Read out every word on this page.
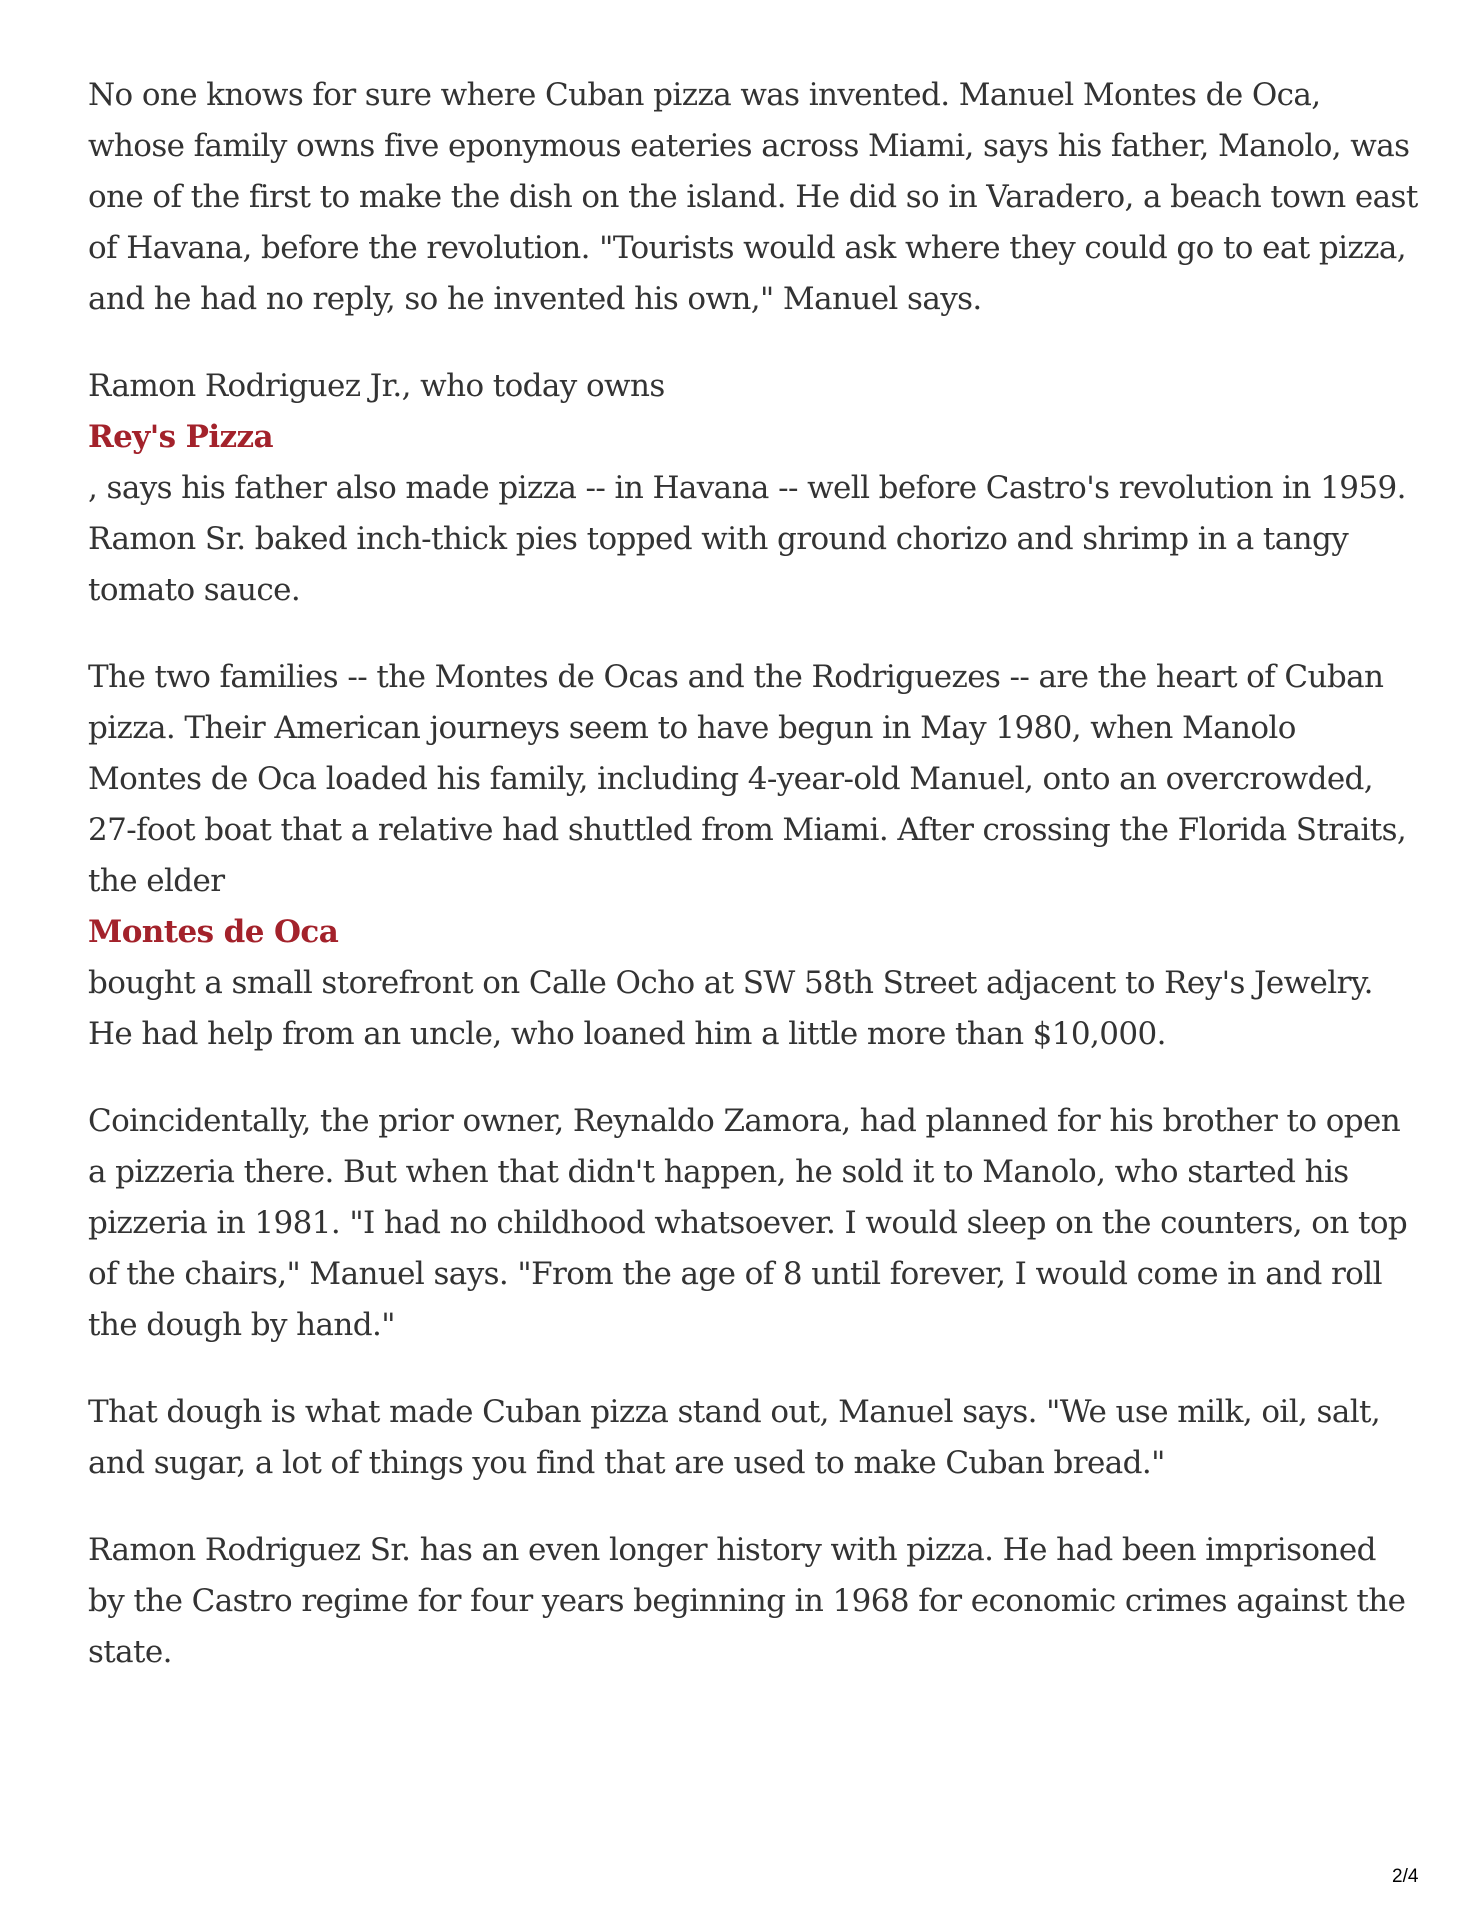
No one knows for sure where Cuban pizza was invented. Manuel Montes de Oca, whose family owns five eponymous eateries across Miami, says his father, Manolo, was one of the first to make the dish on the island. He did so in Varadero, a beach town east of Havana, before the revolution. "Tourists would ask where they could go to eat pizza, and he had no reply, so he invented his own," Manuel says.

Ramon Rodriguez Jr., who today owns
Rey's Pizza
, says his father also made pizza -- in Havana -- well before Castro's revolution in 1959. Ramon Sr. baked inch-thick pies topped with ground chorizo and shrimp in a tangy tomato sauce.

The two families -- the Montes de Ocas and the Rodriguezes -- are the heart of Cuban pizza. Their American journeys seem to have begun in May 1980, when Manolo Montes de Oca loaded his family, including 4-year-old Manuel, onto an overcrowded, 27-foot boat that a relative had shuttled from Miami. After crossing the Florida Straits, the elder
Montes de Oca
bought a small storefront on Calle Ocho at SW 58th Street adjacent to Rey's Jewelry. He had help from an uncle, who loaned him a little more than $10,000.

Coincidentally, the prior owner, Reynaldo Zamora, had planned for his brother to open a pizzeria there. But when that didn't happen, he sold it to Manolo, who started his pizzeria in 1981. "I had no childhood whatsoever. I would sleep on the counters, on top of the chairs," Manuel says. "From the age of 8 until forever, I would come in and roll the dough by hand."

That dough is what made Cuban pizza stand out, Manuel says. "We use milk, oil, salt, and sugar, a lot of things you find that are used to make Cuban bread."

Ramon Rodriguez Sr. has an even longer history with pizza. He had been imprisoned by the Castro regime for four years beginning in 1968 for economic crimes against the state.

2/4
